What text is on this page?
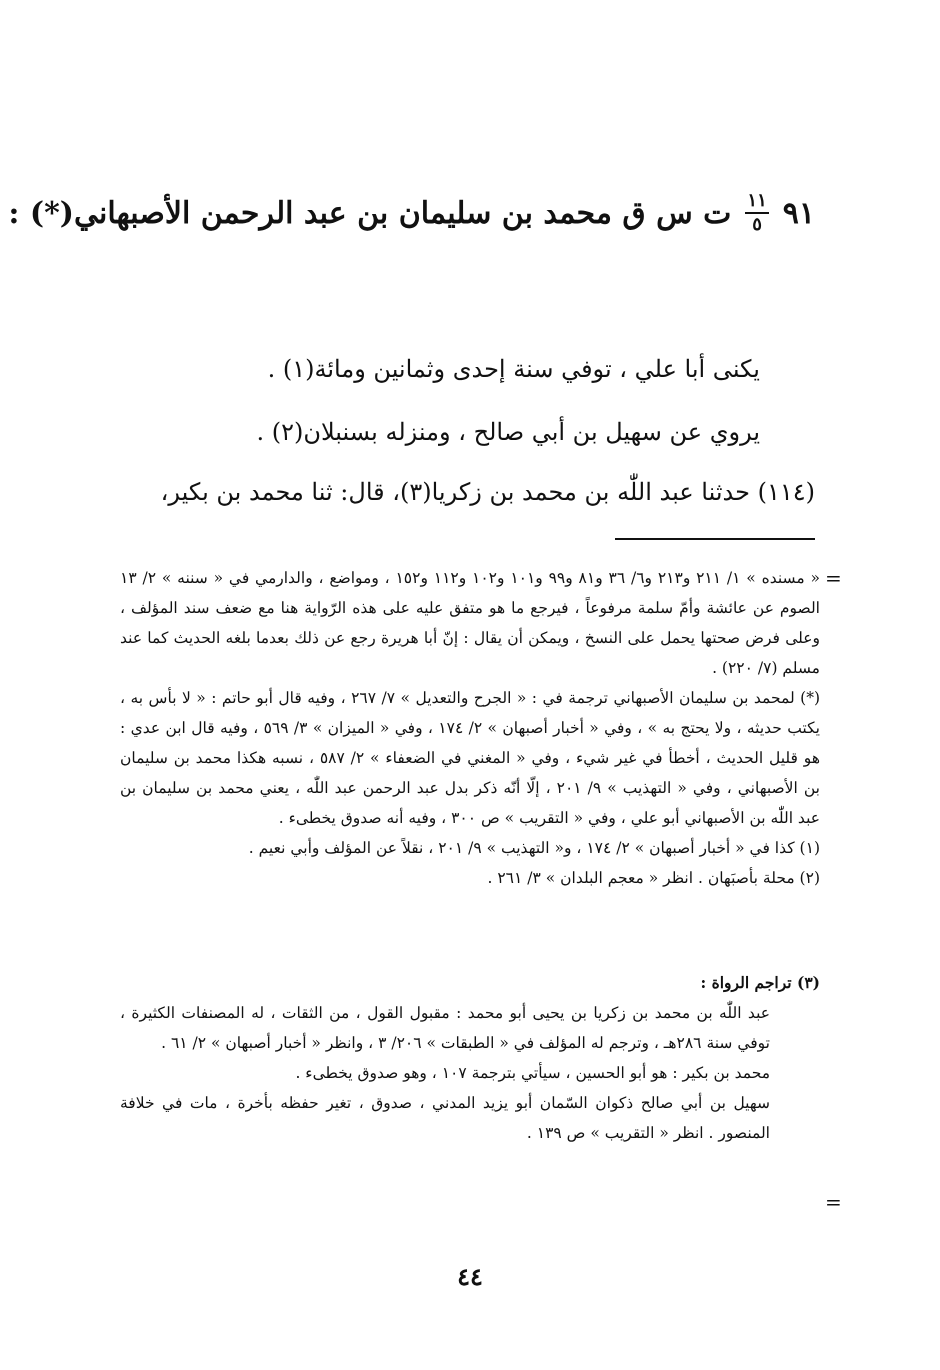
٩١
$\frac{١١}{٥}$
ت س ق محمد بن سليمان بن عبد الرحمن الأصبهاني(*) :
يكنى أبا علي ، توفي سنة إحدى وثمانين ومائة(١) .
يروي عن سهيل بن أبي صالح ، ومنزله بسنبلان(٢) .
(١١٤) حدثنا عبد اللّٰه بن محمد بن زكريا(٣)، قال: ثنا محمد بن بكير،
=

« مسنده » ١/ ٢١١ و٢١٣ و٦/ ٣٦ و٨١ و٩٩ و١٠١ و١٠٢ و١١٢ و١٥٢ ، ومواضع ، والدارمي في « سننه » ٢/ ١٣ الصوم عن عائشة وأمّ سلمة مرفوعاً ، فيرجع ما هو متفق عليه على هذه الرّواية هنا مع ضعف سند المؤلف ، وعلى فرض صحتها يحمل على النسخ ، ويمكن أن يقال : إنّ أبا هريرة رجع عن ذلك بعدما بلغه الحديث كما عند مسلم (٧/ ٢٢٠) .

(*) لمحمد بن سليمان الأصبهاني ترجمة في : « الجرح والتعديل » ٧/ ٢٦٧ ، وفيه قال أبو حاتم : « لا بأس به ، يكتب حديثه ، ولا يحتج به » ، وفي « أخبار أصبهان » ٢/ ١٧٤ ، وفي « الميزان » ٣/ ٥٦٩ ، وفيه قال ابن عدي : هو قليل الحديث ، أخطأ في غير شيء ، وفي « المغني في الضعفاء » ٢/ ٥٨٧ ، نسبه هكذا محمد بن سليمان بن الأصبهاني ، وفي « التهذيب » ٩/ ٢٠١ ، إلّا أنّه ذكر بدل عبد الرحمن عبد اللّٰه ، يعني محمد بن سليمان بن عبد اللّٰه بن الأصبهاني أبو علي ، وفي « التقريب » ص ٣٠٠ ، وفيه أنه صدوق يخطىء .

(١) كذا في « أخبار أصبهان » ٢/ ١٧٤ ، و« التهذيب » ٩/ ٢٠١ ، نقلاً عن المؤلف وأبي نعيم .

(٢) محلة بأصبَهان . انظر « معجم البلدان » ٣/ ٢٦١ .

(٣) تراجم الرواة :

عبد اللّٰه بن محمد بن زكريا بن يحيى أبو محمد : مقبول القول ، من الثقات ، له المصنفات الكثيرة ، توفي سنة ٢٨٦هـ ، وترجم له المؤلف في « الطبقات » ٢٠٦/ ٣ ، وانظر « أخبار أصبهان » ٢/ ٦١ .

محمد بن بكير : هو أبو الحسين ، سيأتي بترجمة ١٠٧ ، وهو صدوق يخطىء .

سهيل بن أبي صالح ذكوان السّمان أبو يزيد المدني ، صدوق ، تغير حفظه بأخرة ، مات في خلافة المنصور . انظر « التقريب » ص ١٣٩ .

=
٤٤
